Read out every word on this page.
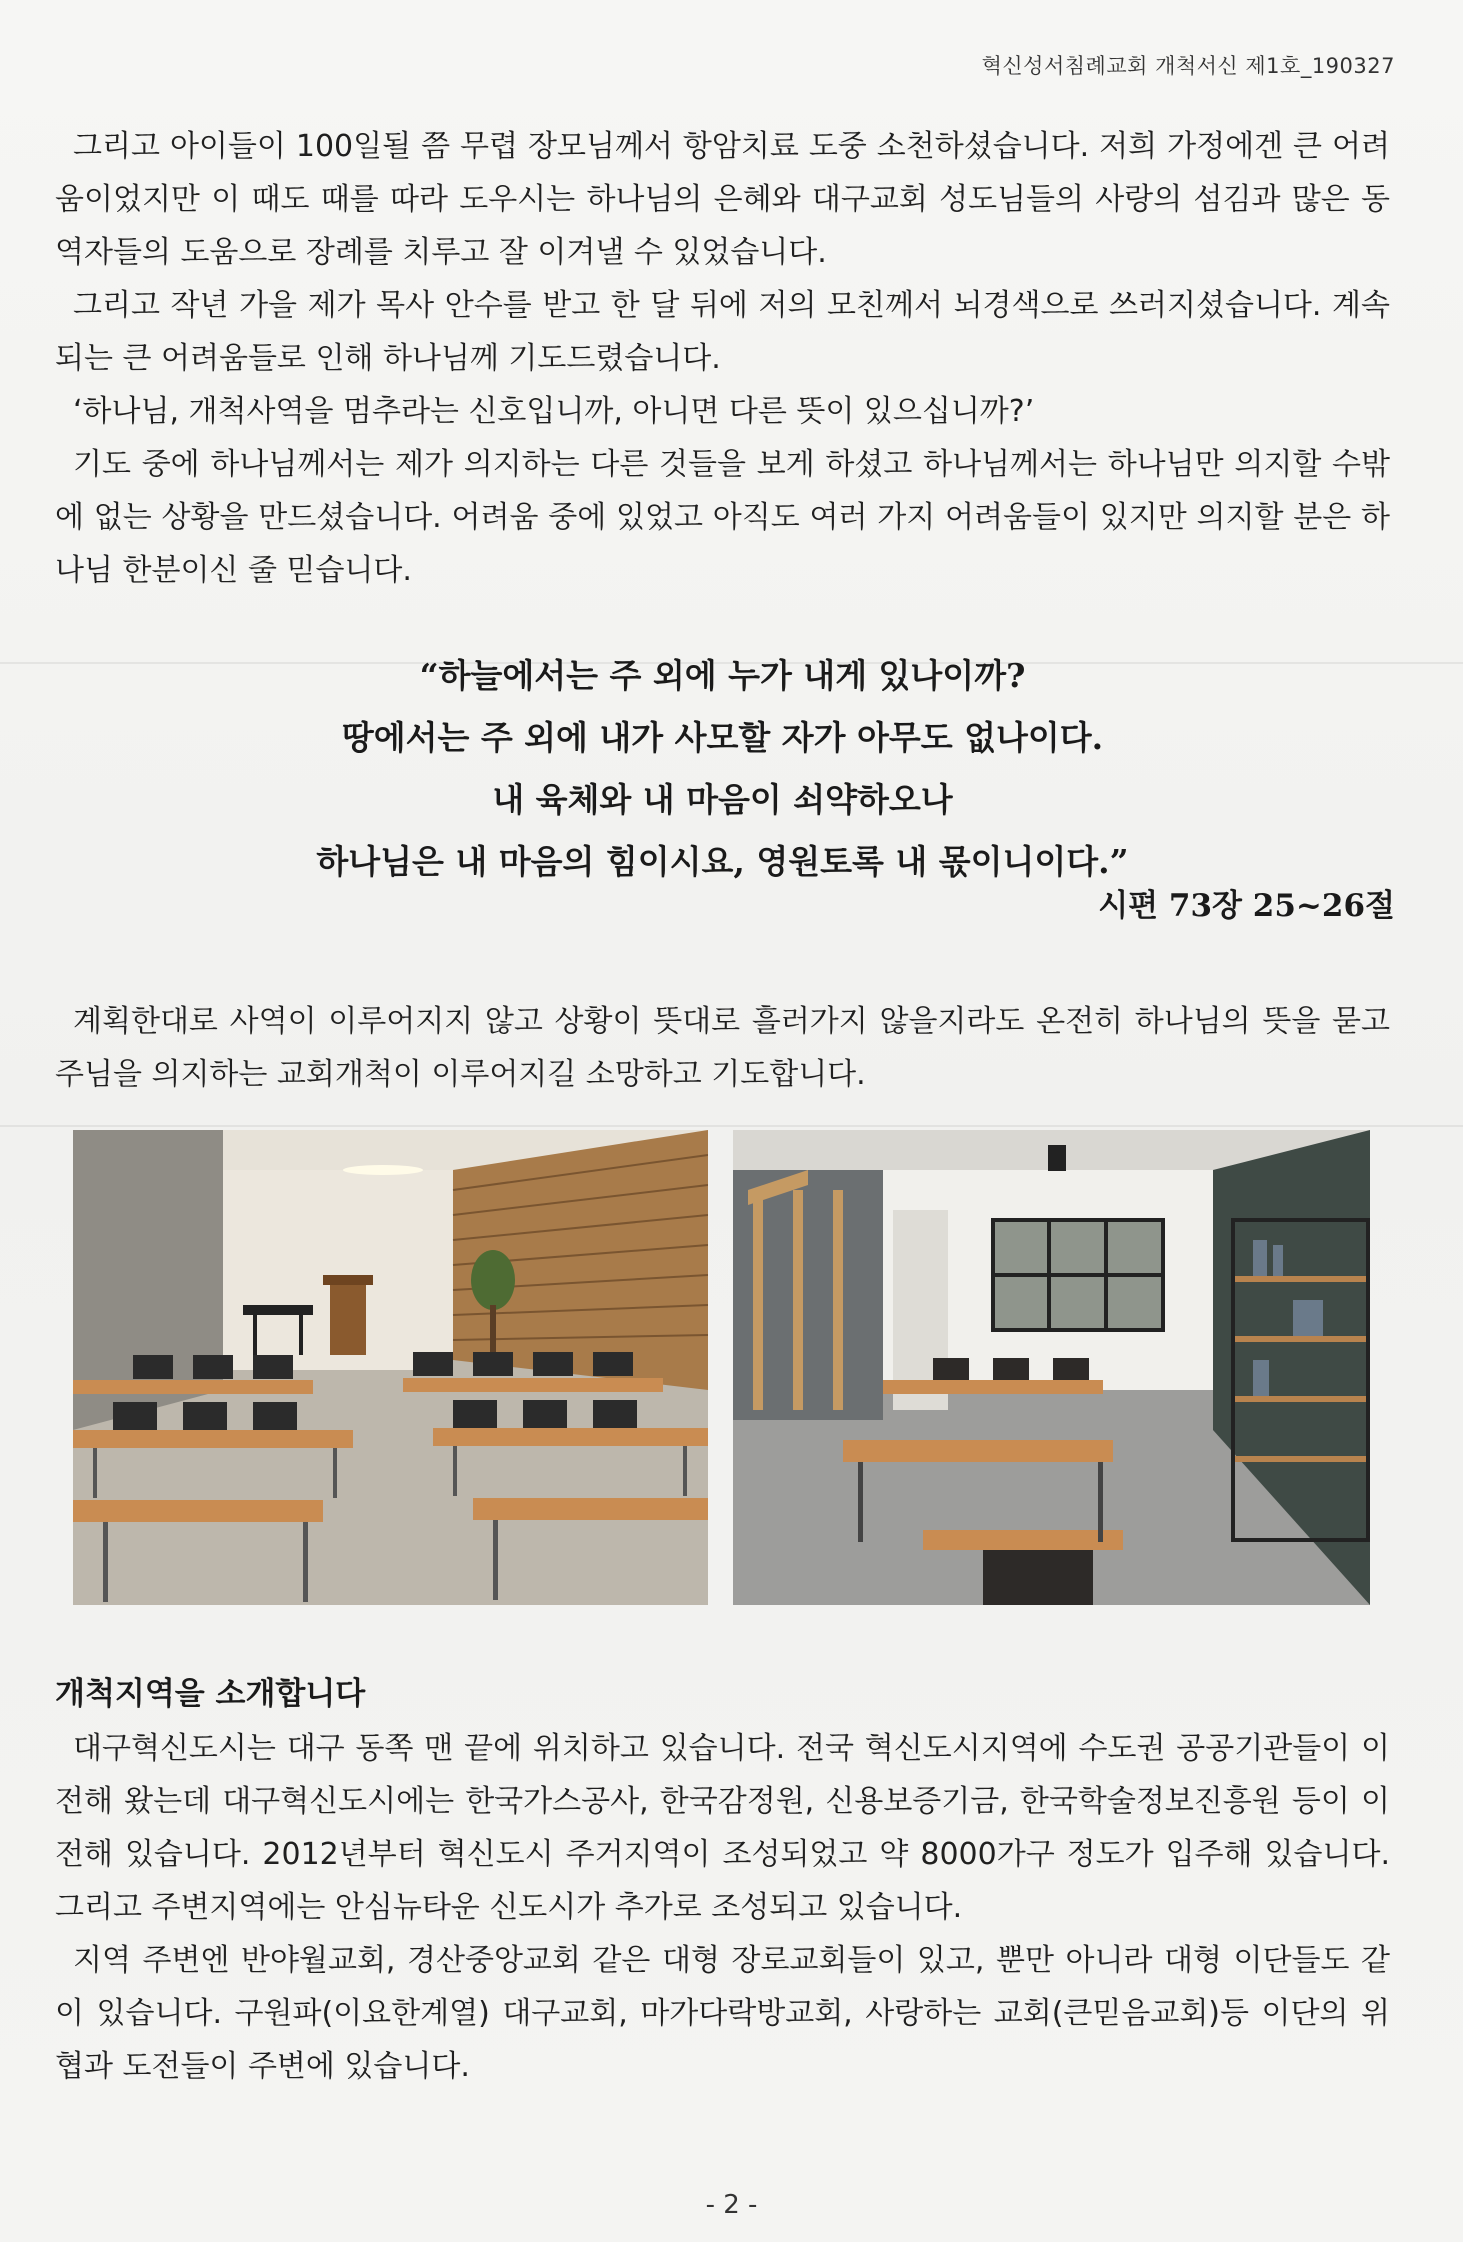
혁신성서침례교회 개척서신 제1호_190327

그리고 아이들이 100일될 쯤 무렵 장모님께서 항암치료 도중 소천하셨습니다. 저희 가정에겐 큰 어려움이었지만 이 때도 때를 따라 도우시는 하나님의 은혜와 대구교회 성도님들의 사랑의 섬김과 많은 동역자들의 도움으로 장례를 치루고 잘 이겨낼 수 있었습니다.

그리고 작년 가을 제가 목사 안수를 받고 한 달 뒤에 저의 모친께서 뇌경색으로 쓰러지셨습니다. 계속되는 큰 어려움들로 인해 하나님께 기도드렸습니다.

‘하나님, 개척사역을 멈추라는 신호입니까, 아니면 다른 뜻이 있으십니까?’

기도 중에 하나님께서는 제가 의지하는 다른 것들을 보게 하셨고 하나님께서는 하나님만 의지할 수밖에 없는 상황을 만드셨습니다. 어려움 중에 있었고 아직도 여러 가지 어려움들이 있지만 의지할 분은 하나님 한분이신 줄 믿습니다.

“하늘에서는 주 외에 누가 내게 있나이까?

땅에서는 주 외에 내가 사모할 자가 아무도 없나이다.

내 육체와 내 마음이 쇠약하오나

하나님은 내 마음의 힘이시요, 영원토록 내 몫이니이다.”

시편 73장 25~26절

계획한대로 사역이 이루어지지 않고 상황이 뜻대로 흘러가지 않을지라도 온전히 하나님의 뜻을 묻고 주님을 의지하는 교회개척이 이루어지길 소망하고 기도합니다.

개척지역을 소개합니다

대구혁신도시는 대구 동쪽 맨 끝에 위치하고 있습니다. 전국 혁신도시지역에 수도권 공공기관들이 이전해 왔는데 대구혁신도시에는 한국가스공사, 한국감정원, 신용보증기금, 한국학술정보진흥원 등이 이전해 있습니다. 2012년부터 혁신도시 주거지역이 조성되었고 약 8000가구 정도가 입주해 있습니다. 그리고 주변지역에는 안심뉴타운 신도시가 추가로 조성되고 있습니다.

지역 주변엔 반야월교회, 경산중앙교회 같은 대형 장로교회들이 있고, 뿐만 아니라 대형 이단들도 같이 있습니다. 구원파(이요한계열) 대구교회, 마가다락방교회, 사랑하는 교회(큰믿음교회)등 이단의 위협과 도전들이 주변에 있습니다.

- 2 -
